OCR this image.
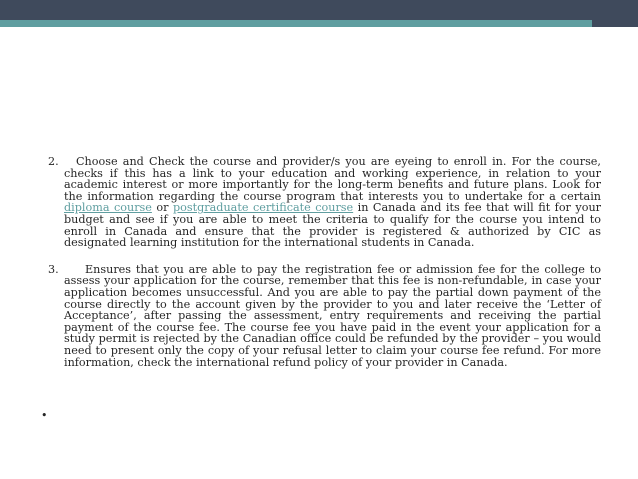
2. Choose and Check the course and provider/s you are eyeing to enroll in. For the course, checks if this has a link to your education and working experience, in relation to your academic interest or more importantly for the long-term benefits and future plans. Look for the information regarding the course program that interests you to undertake for a certain diploma course or postgraduate certificate course in Canada and its fee that will fit for your budget and see if you are able to meet the criteria to qualify for the course you intend to enroll in Canada and ensure that the provider is registered & authorized by CIC as designated learning institution for the international students in Canada.

3. Ensures that you are able to pay the registration fee or admission fee for the college to assess your application for the course, remember that this fee is non-refundable, in case your application becomes unsuccessful. And you are able to pay the partial down payment of the course directly to the account given by the provider to you and later receive the ‘Letter of Acceptance’, after passing the assessment, entry requirements and receiving the partial payment of the course fee. The course fee you have paid in the event your application for a study permit is rejected by the Canadian office could be refunded by the provider – you would need to present only the copy of your refusal letter to claim your course fee refund. For more information, check the international refund policy of your provider in Canada.

•
